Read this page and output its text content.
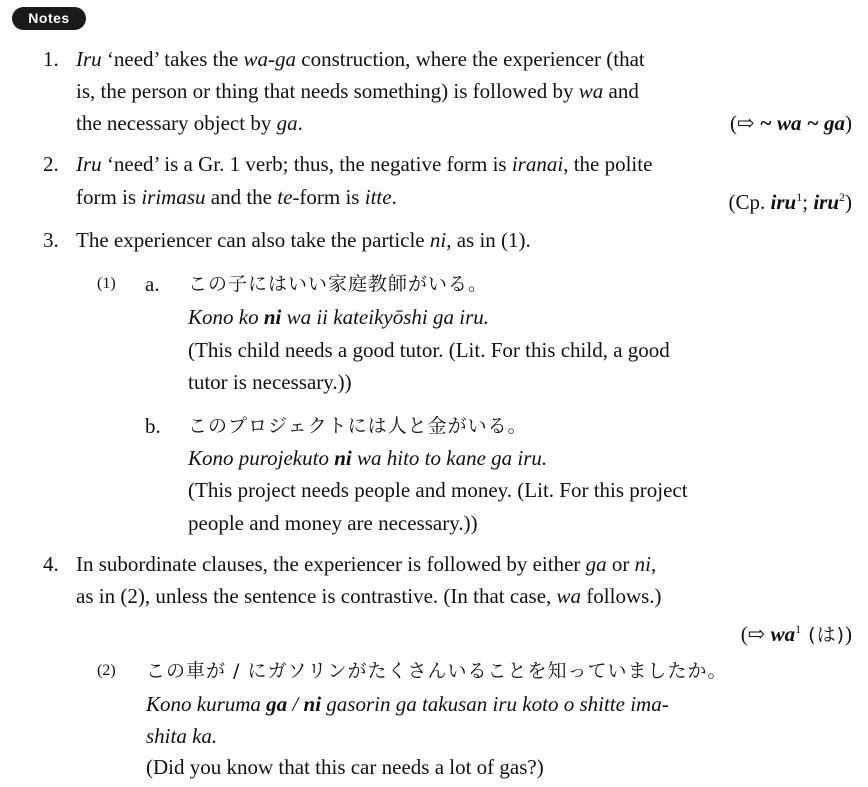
Notes
1. Iru ‘need’ takes the wa-ga construction, where the experiencer (that
is, the person or thing that needs something) is followed by wa and
the necessary object by ga.	(⇨ ~ wa ~ ga)
2. Iru ‘need’ is a Gr. 1 verb; thus, the negative form is iranai, the polite
form is irimasu and the te-form is itte.	(Cp. iru$^1$; iru$^2$)
3. The experiencer can also take the particle ni, as in (1).
(1) a. この子にはいい家庭教師がいる。
Kono ko ni wa ii kateikyōshi ga iru.
(This child needs a good tutor. (Lit. For this child, a good
tutor is necessary.))
b. このプロジェクトには人と金がいる。
Kono purojekuto ni wa hito to kane ga iru.
(This project needs people and money. (Lit. For this project
people and money are necessary.))
4. In subordinate clauses, the experiencer is followed by either ga or ni,
as in (2), unless the sentence is contrastive. (In that case, wa follows.)
(⇨ $wa^1$ (は))
(2) この車が / にガソリンがたくさんいることを知っていましたか。
Kono kuruma ga / ni gasorin ga takusan iru koto o shitte ima-
shita ka.
(Did you know that this car needs a lot of gas?)
